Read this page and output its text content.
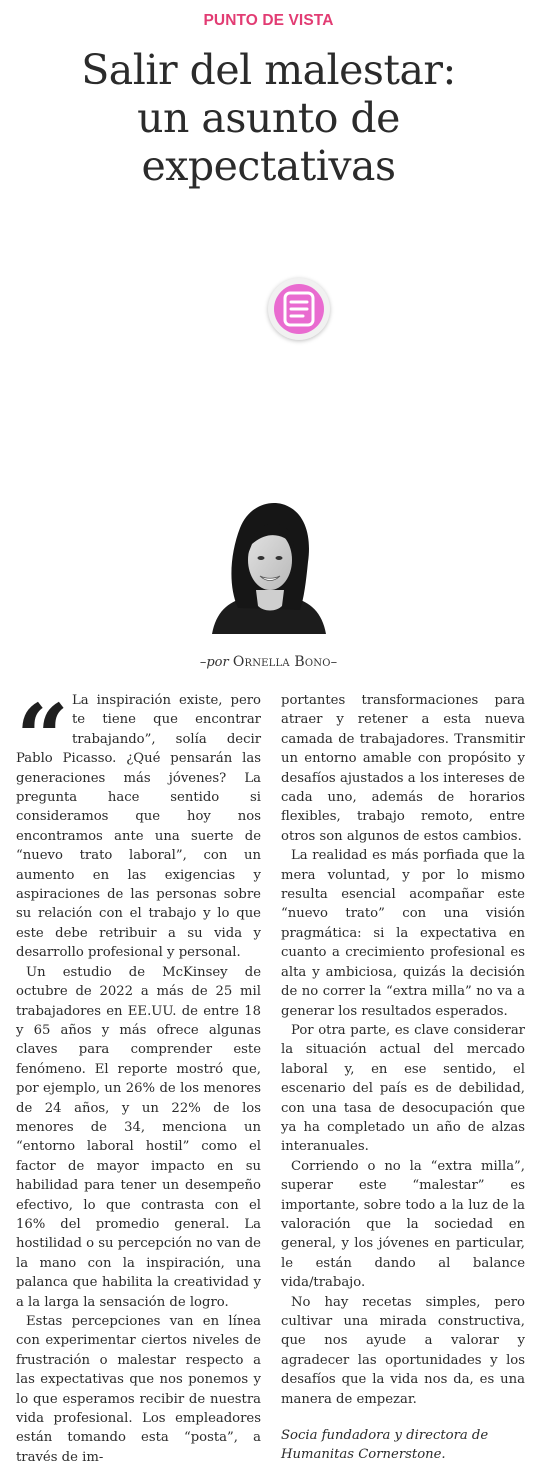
PUNTO DE VISTA
Salir del malestar:
un asunto de
expectativas
–por Ornella Bono–
“ La inspiración existe, pero te tiene que encontrar trabajando”, solía decir Pablo Picasso. ¿Qué pensarán las generaciones más jóvenes? La pregunta hace sentido si consideramos que hoy nos encontramos ante una suerte de “nuevo trato laboral”, con un aumento en las exigencias y aspiraciones de las personas sobre su relación con el trabajo y lo que este debe retribuir a su vida y desarrollo profesional y personal.

Un estudio de McKinsey de octubre de 2022 a más de 25 mil trabajadores en EE.UU. de entre 18 y 65 años y más ofrece algunas claves para comprender este fenómeno. El reporte mostró que, por ejemplo, un 26% de los menores de 24 años, y un 22% de los menores de 34, menciona un “entorno laboral hostil” como el factor de mayor impacto en su habilidad para tener un desempeño efectivo, lo que contrasta con el 16% del promedio general. La hostilidad o su percepción no van de la mano con la inspiración, una palanca que habilita la creatividad y a la larga la sensación de logro.

Estas percepciones van en línea con experimentar ciertos niveles de frustración o malestar respecto a las expectativas que nos ponemos y lo que esperamos recibir de nuestra vida profesional. Los empleadores están tomando esta “posta”, a través de im-

portantes transformaciones para atraer y retener a esta nueva camada de trabajadores. Transmitir un entorno amable con propósito y desafíos ajustados a los intereses de cada uno, además de horarios flexibles, trabajo remoto, entre otros son algunos de estos cambios.

La realidad es más porfiada que la mera voluntad, y por lo mismo resulta esencial acompañar este “nuevo trato” con una visión pragmática: si la expectativa en cuanto a crecimiento profesional es alta y ambiciosa, quizás la decisión de no correr la “extra milla” no va a generar los resultados esperados.

Por otra parte, es clave considerar la situación actual del mercado laboral y, en ese sentido, el escenario del país es de debilidad, con una tasa de desocupación que ya ha completado un año de alzas interanuales.

Corriendo o no la “extra milla”, superar este “malestar” es importante, sobre todo a la luz de la valoración que la sociedad en general, y los jóvenes en particular, le están dando al balance vida/trabajo.

No hay recetas simples, pero cultivar una mirada constructiva, que nos ayude a valorar y agradecer las oportunidades y los desafíos que la vida nos da, es una manera de empezar.

Socia fundadora y directora de Humanitas Cornerstone.
